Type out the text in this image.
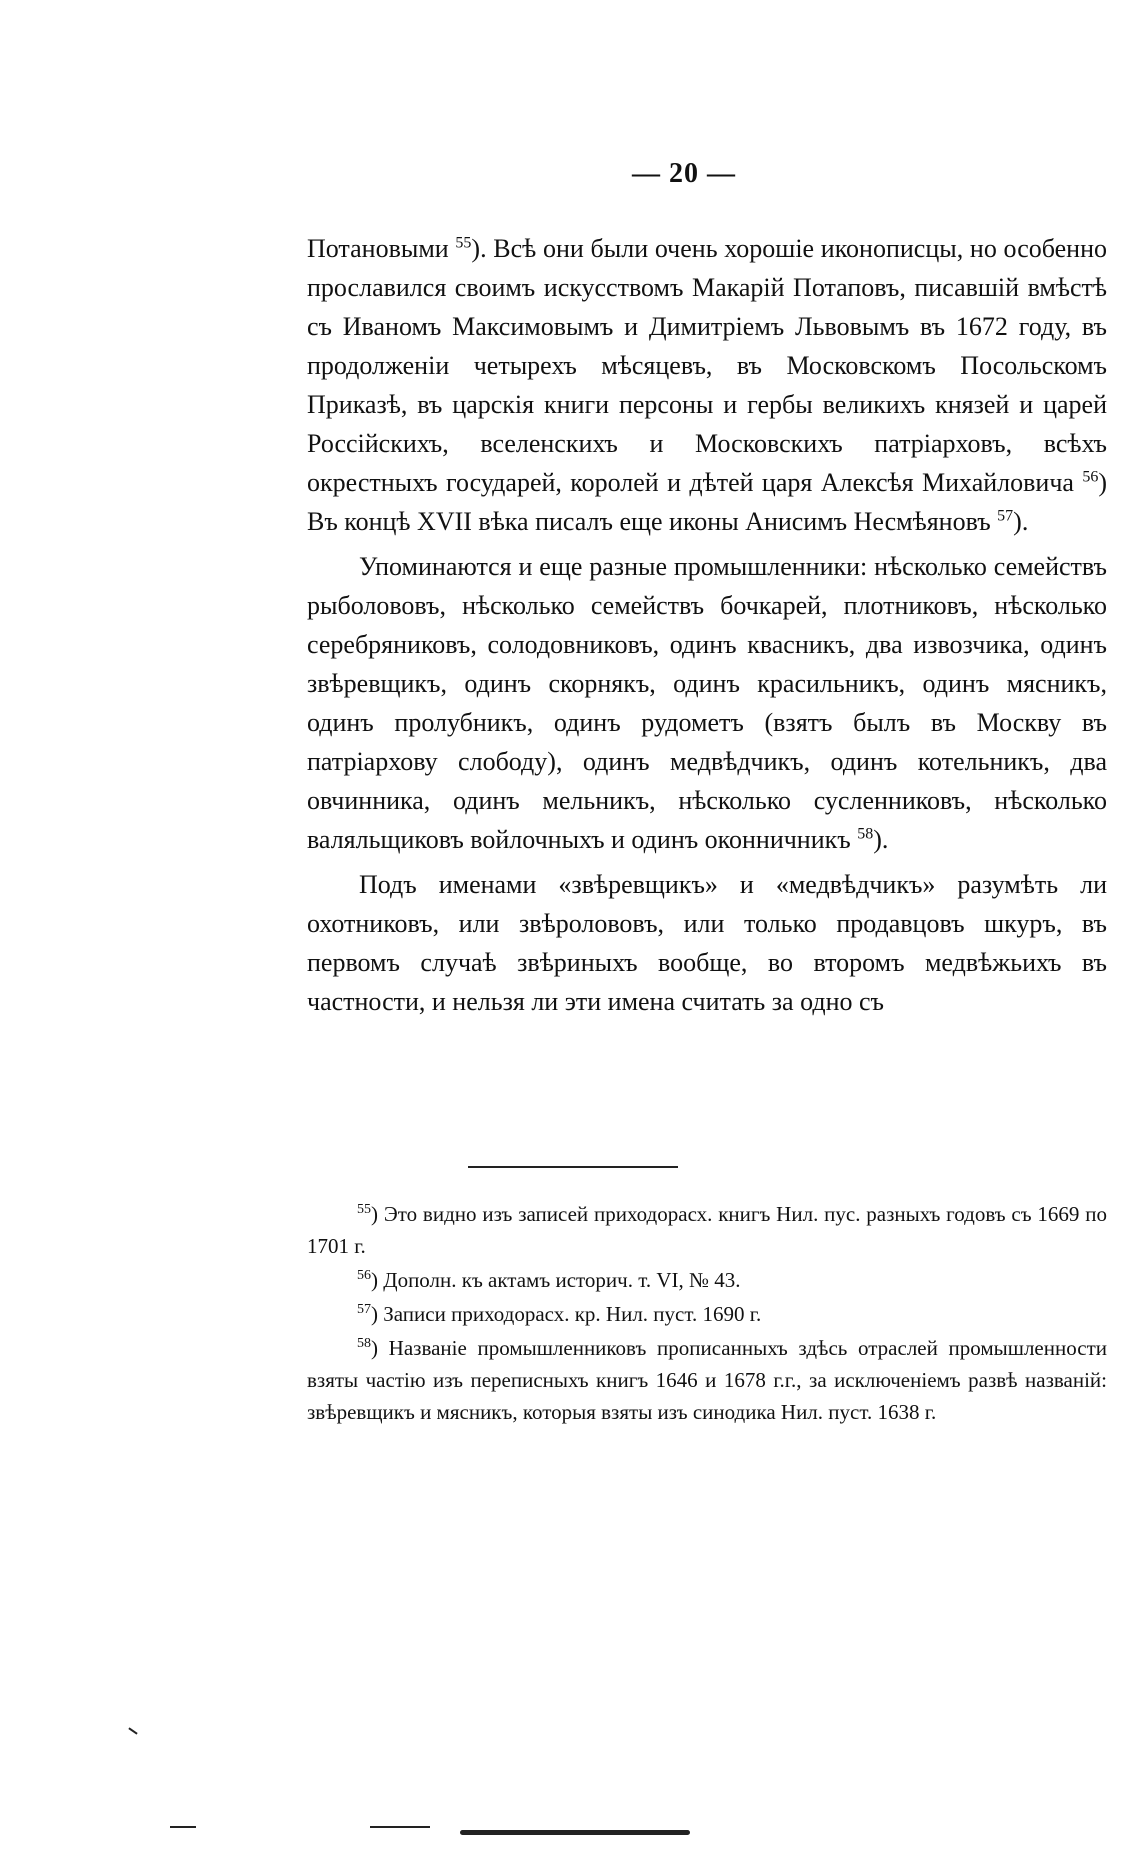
— 20 —

Потановыми $^{55}$). Всѣ они были очень хорошіе иконописцы, но особенно прославился своимъ искусствомъ Макарій Потаповъ, писавшій вмѣстѣ съ Иваномъ Максимовымъ и Димитріемъ Львовымъ въ 1672 году, въ продолженіи четырехъ мѣсяцевъ, въ Московскомъ Посольскомъ Приказѣ, въ царскія книги персоны и гербы великихъ князей и царей Россійскихъ, вселенскихъ и Московскихъ патріарховъ, всѣхъ окрестныхъ государей, королей и дѣтей царя Алексѣя Михайловича $^{56}$) Въ концѣ XVII вѣка писалъ еще иконы Анисимъ Несмѣяновъ $^{57}$).

Упоминаются и еще разные промышленники: нѣсколько семействъ рыболововъ, нѣсколько семействъ бочкарей, плотниковъ, нѣсколько серебряниковъ, солодовниковъ, одинъ квасникъ, два извозчика, одинъ звѣревщикъ, одинъ скорнякъ, одинъ красильникъ, одинъ мясникъ, одинъ пролубникъ, одинъ рудометъ (взятъ былъ въ Москву въ патріархову слободу), одинъ медвѣдчикъ, одинъ котельникъ, два овчинника, одинъ мельникъ, нѣсколько сусленниковъ, нѣсколько валяльщиковъ войлочныхъ и одинъ оконничникъ $^{58}$).

Подъ именами «звѣревщикъ» и «медвѣдчикъ» разумѣть ли охотниковъ, или звѣролововъ, или только продавцовъ шкуръ, въ первомъ случаѣ звѣриныхъ вообще, во второмъ медвѣжьихъ въ частности, и нельзя ли эти имена считать за одно съ

$^{55}$) Это видно изъ записей приходорасх. книгъ Нил. пус. разныхъ годовъ съ 1669 по 1701 г.

$^{56}$) Дополн. къ актамъ историч. т. VI, № 43.

$^{57}$) Записи приходорасх. кр. Нил. пуст. 1690 г.

$^{58}$) Названіе промышленниковъ прописанныхъ здѣсь отраслей промышленности взяты частію изъ переписныхъ книгъ 1646 и 1678 г.г., за исключеніемъ развѣ названій: звѣревщикъ и мясникъ, которыя взяты изъ синодика Нил. пуст. 1638 г.
